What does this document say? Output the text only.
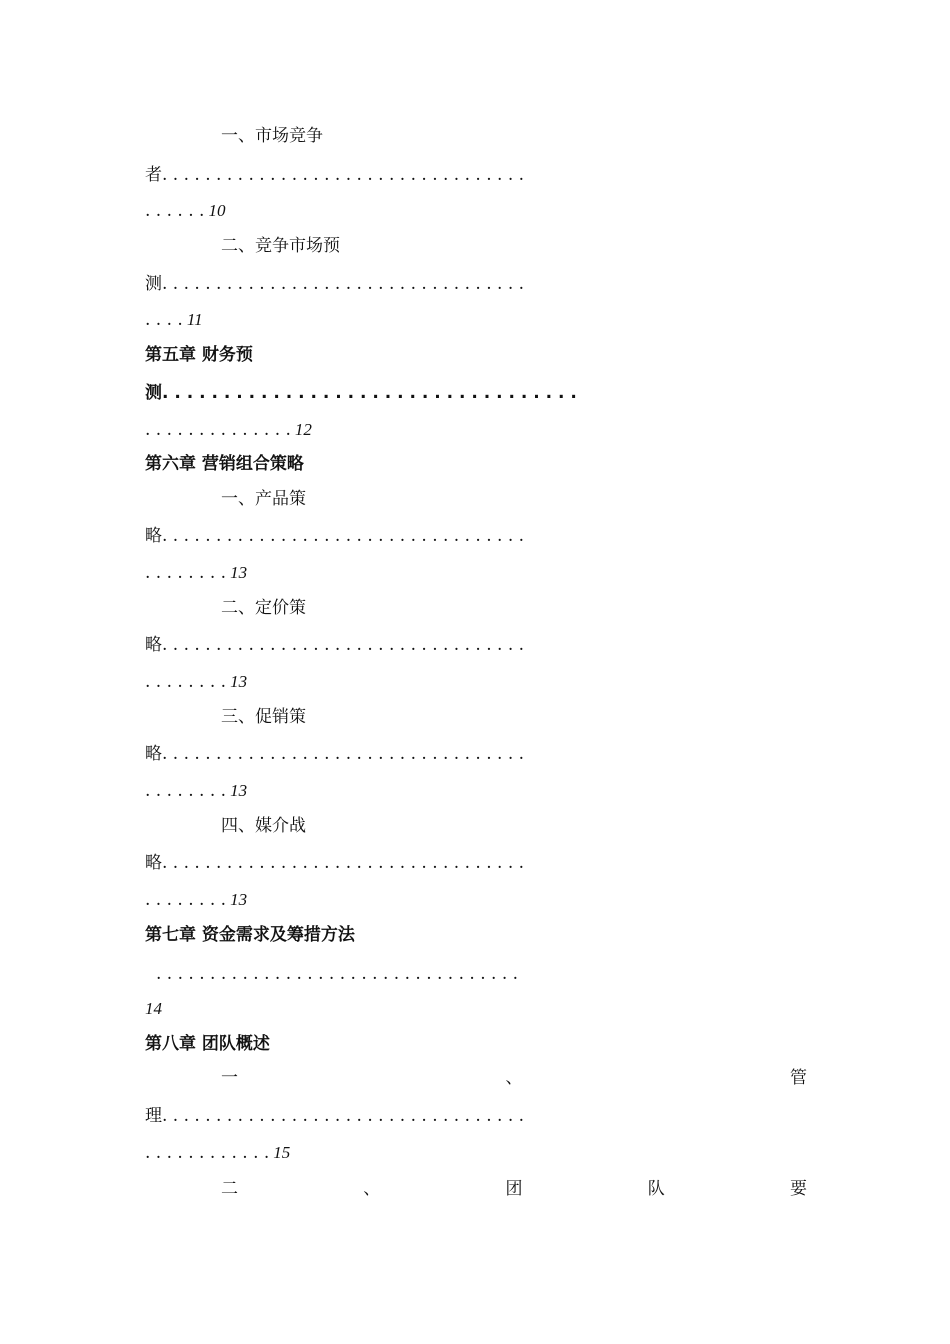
一、市场竞争
者. . . . . . . . . . . . . . . . . . . . . . . . . . . . . . . . . .
. . . . . . 10
二、竞争市场预
测. . . . . . . . . . . . . . . . . . . . . . . . . . . . . . . . . .
. . . . 11
第五章 财务预
测. . . . . . . . . . . . . . . . . . . . . . . . . . . . . . . . . .
. . . . . . . . . . . . . . 12
第六章 营销组合策略
一、产品策
略. . . . . . . . . . . . . . . . . . . . . . . . . . . . . . . . . .
. . . . . . . . 13
二、定价策
略. . . . . . . . . . . . . . . . . . . . . . . . . . . . . . . . . .
. . . . . . . . 13
三、促销策
略. . . . . . . . . . . . . . . . . . . . . . . . . . . . . . . . . .
. . . . . . . . 13
四、媒介战
略. . . . . . . . . . . . . . . . . . . . . . . . . . . . . . . . . .
. . . . . . . . 13
第七章 资金需求及筹措方法
. . . . . . . . . . . . . . . . . . . . . . . . . . . . . . . . . .
14
第八章 团队概述
一	、	管
理. . . . . . . . . . . . . . . . . . . . . . . . . . . . . . . . . .
. . . . . . . . . . . . 15
二	、	团	队	要
